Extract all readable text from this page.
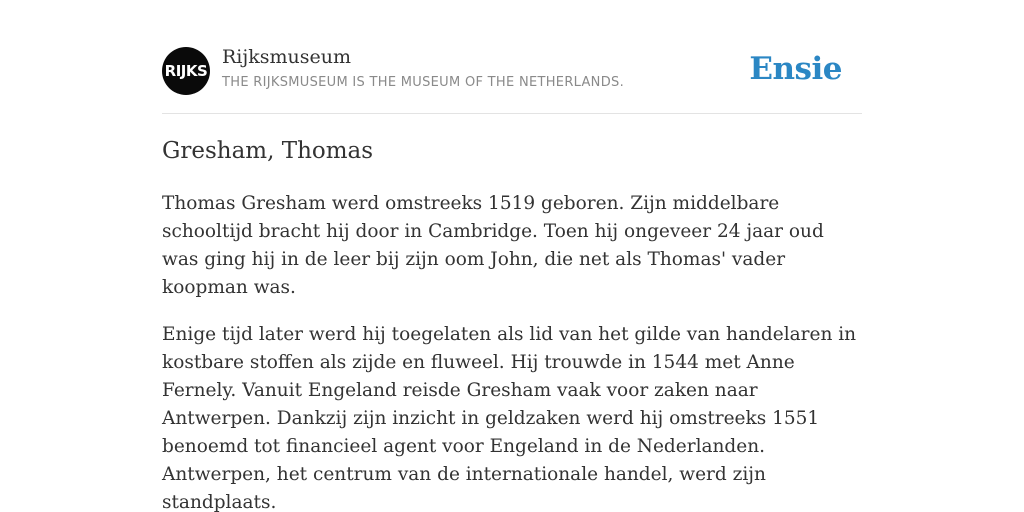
RIJKS
Rijksmuseum
THE RIJKSMUSEUM IS THE MUSEUM OF THE NETHERLANDS.	Ensie
Gresham, Thomas

Thomas Gresham werd omstreeks 1519 geboren. Zijn middelbare schooltijd bracht hij door in Cambridge. Toen hij ongeveer 24 jaar oud was ging hij in de leer bij zijn oom John, die net als Thomas' vader koopman was.

Enige tijd later werd hij toegelaten als lid van het gilde van handelaren in kostbare stoffen als zijde en fluweel. Hij trouwde in 1544 met Anne Fernely. Vanuit Engeland reisde Gresham vaak voor zaken naar Antwerpen. Dankzij zijn inzicht in geldzaken werd hij omstreeks 1551 benoemd tot financieel agent voor Engeland in de Nederlanden. Antwerpen, het centrum van de internationale handel, werd zijn standplaats.
